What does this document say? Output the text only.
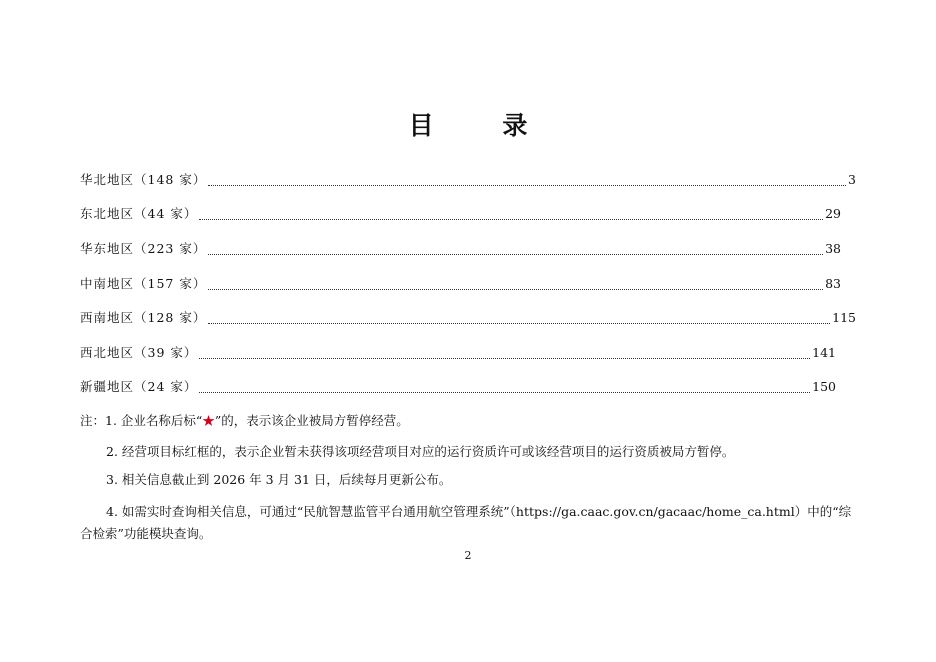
目 录
华北地区（148 家）	3
东北地区（44 家）	29
华东地区（223 家）	38
中南地区（157 家）	83
西南地区（128 家）	115
西北地区（39 家）	141
新疆地区（24 家）	150
注：1. 企业名称后标“★”的，表示该企业被局方暂停经营。
2. 经营项目标红框的，表示企业暂未获得该项经营项目对应的运行资质许可或该经营项目的运行资质被局方暂停。
3. 相关信息截止到 2026 年 3 月 31 日，后续每月更新公布。
4. 如需实时查询相关信息，可通过“民航智慧监管平台通用航空管理系统”（https://ga.caac.gov.cn/gacaac/home_ca.html）中的“综
合检索”功能模块查询。
2
